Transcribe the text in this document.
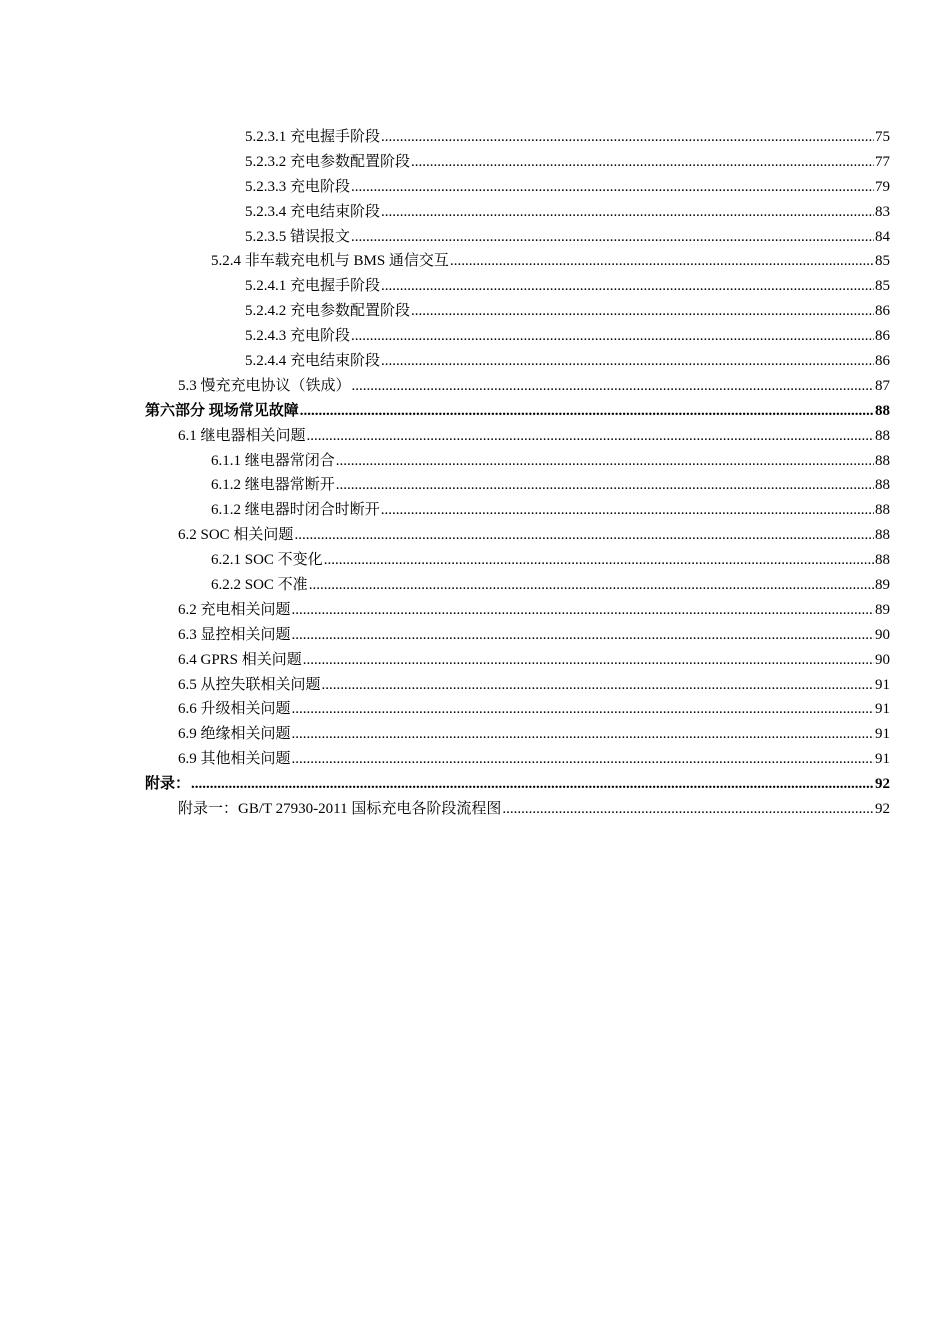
5.2.3.1 充电握手阶段 .....	75
5.2.3.2 充电参数配置阶段 .....	77
5.2.3.3 充电阶段 .....	79
5.2.3.4 充电结束阶段 .....	83
5.2.3.5 错误报文 .....	84
5.2.4 非车载充电机与 BMS 通信交互 .....	85
5.2.4.1 充电握手阶段 .....	85
5.2.4.2 充电参数配置阶段 .....	86
5.2.4.3 充电阶段 .....	86
5.2.4.4 充电结束阶段 .....	86
5.3 慢充充电协议（铁成） .....	87
第六部分 现场常见故障 .....	88
6.1 继电器相关问题 .....	88
6.1.1 继电器常闭合 .....	88
6.1.2 继电器常断开 .....	88
6.1.2 继电器时闭合时断开 .....	88
6.2 SOC 相关问题 .....	88
6.2.1 SOC 不变化 .....	88
6.2.2 SOC 不准 .....	89
6.2 充电相关问题 .....	89
6.3 显控相关问题 .....	90
6.4 GPRS 相关问题 .....	90
6.5 从控失联相关问题 .....	91
6.6 升级相关问题 .....	91
6.9 绝缘相关问题 .....	91
6.9 其他相关问题 .....	91
附录： .....	92
附录一：GB/T 27930-2011 国标充电各阶段流程图 .....	92
